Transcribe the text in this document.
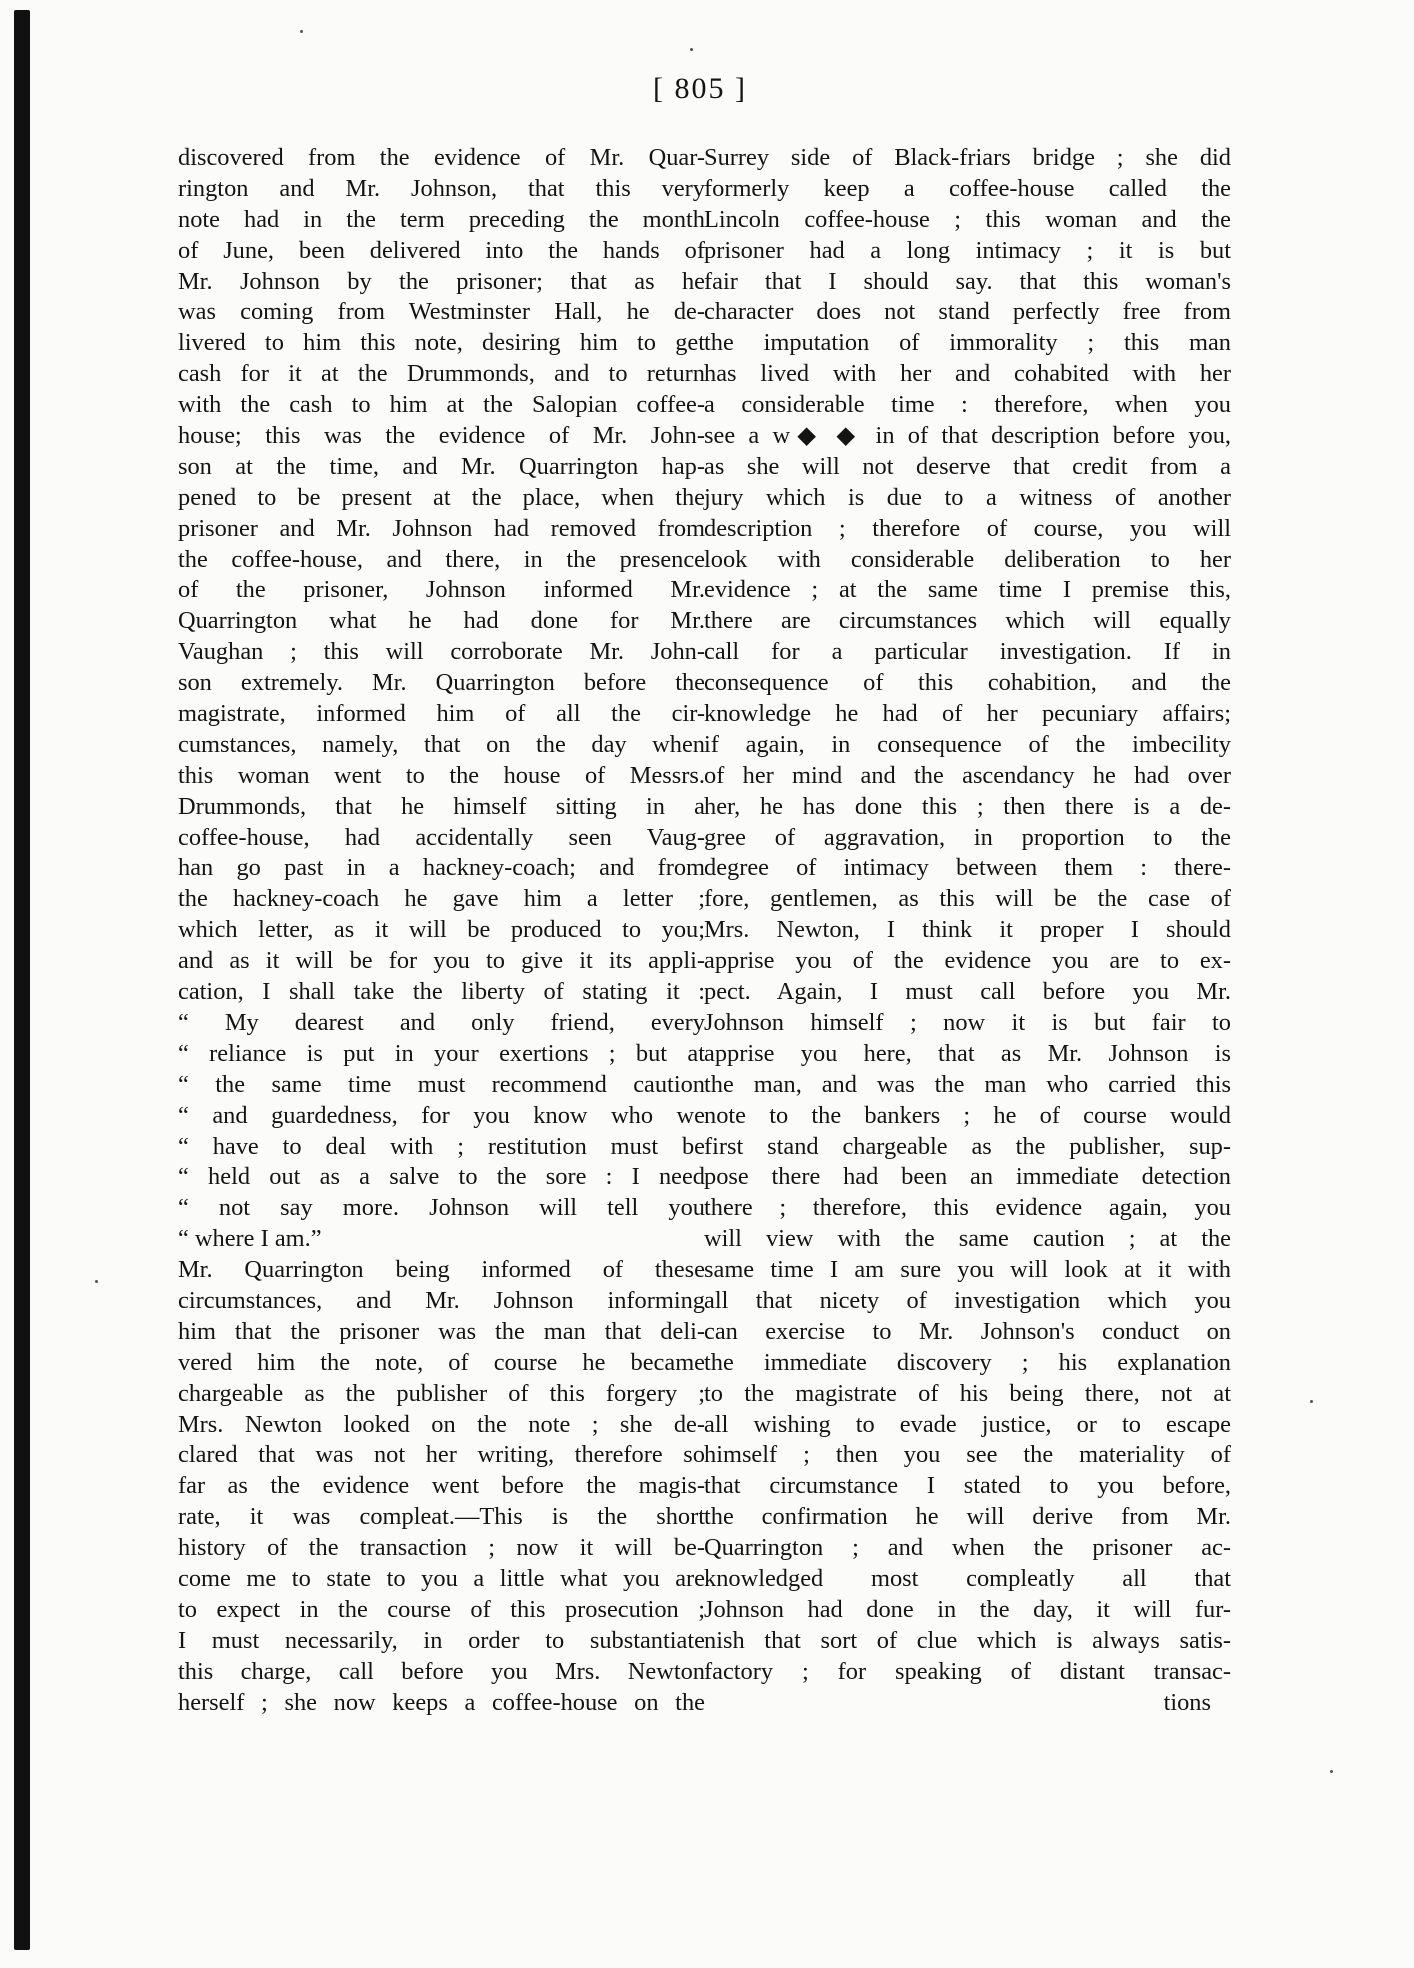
[ 805 ]
discovered from the evidence of Mr. Quar-
rington and Mr. Johnson, that this very
note had in the term preceding the month
of June, been delivered into the hands of
Mr. Johnson by the prisoner; that as he
was coming from Westminster Hall, he de-
livered to him this note, desiring him to get
cash for it at the Drummonds, and to return
with the cash to him at the Salopian coffee-
house; this was the evidence of Mr. John-
son at the time, and Mr. Quarrington hap-
pened to be present at the place, when the
prisoner and Mr. Johnson had removed from
the coffee-house, and there, in the presence
of the prisoner, Johnson informed Mr.
Quarrington what he had done for Mr.
Vaughan ; this will corroborate Mr. John-
son extremely. Mr. Quarrington before the
magistrate, informed him of all the cir-
cumstances, namely, that on the day when
this woman went to the house of Messrs.
Drummonds, that he himself sitting in a
coffee-house, had accidentally seen Vaug-
han go past in a hackney-coach; and from
the hackney-coach he gave him a letter ;
which letter, as it will be produced to you;
and as it will be for you to give it its appli-
cation, I shall take the liberty of stating it :
“ My dearest and only friend, every
“ reliance is put in your exertions ; but at
“ the same time must recommend caution
“ and guardedness, for you know who we
“ have to deal with ; restitution must be
“ held out as a salve to the sore : I need
“ not say more. Johnson will tell you
“ where I am.”
Mr. Quarrington being informed of these
circumstances, and Mr. Johnson informing
him that the prisoner was the man that deli-
vered him the note, of course he became
chargeable as the publisher of this forgery ;
Mrs. Newton looked on the note ; she de-
clared that was not her writing, therefore so
far as the evidence went before the magis-
rate, it was compleat.—This is the short
history of the transaction ; now it will be-
come me to state to you a little what you are
to expect in the course of this prosecution ;
I must necessarily, in order to substantiate
this charge, call before you Mrs. Newton
herself ; she now keeps a coffee-house on the
Surrey side of Black-friars bridge ; she did
formerly keep a coffee-house called the
Lincoln coffee-house ; this woman and the
prisoner had a long intimacy ; it is but
fair that I should say. that this woman's
character does not stand perfectly free from
the imputation of immorality ; this man
has lived with her and cohabited with her
a considerable time : therefore, when you
see a w◆ ◆ in of that description before you,
as she will not deserve that credit from a
jury which is due to a witness of another
description ; therefore of course, you will
look with considerable deliberation to her
evidence ; at the same time I premise this,
there are circumstances which will equally
call for a particular investigation. If in
consequence of this cohabition, and the
knowledge he had of her pecuniary affairs;
if again, in consequence of the imbecility
of her mind and the ascendancy he had over
her, he has done this ; then there is a de-
gree of aggravation, in proportion to the
degree of intimacy between them : there-
fore, gentlemen, as this will be the case of
Mrs. Newton, I think it proper I should
apprise you of the evidence you are to ex-
pect. Again, I must call before you Mr.
Johnson himself ; now it is but fair to
apprise you here, that as Mr. Johnson is
the man, and was the man who carried this
note to the bankers ; he of course would
first stand chargeable as the publisher, sup-
pose there had been an immediate detection
there ; therefore, this evidence again, you
will view with the same caution ; at the
same time I am sure you will look at it with
all that nicety of investigation which you
can exercise to Mr. Johnson's conduct on
the immediate discovery ; his explanation
to the magistrate of his being there, not at
all wishing to evade justice, or to escape
himself ; then you see the materiality of
that circumstance I stated to you before,
the confirmation he will derive from Mr.
Quarrington ; and when the prisoner ac-
knowledged most compleatly all that
Johnson had done in the day, it will fur-
nish that sort of clue which is always satis-
factory ; for speaking of distant transac-
tions
